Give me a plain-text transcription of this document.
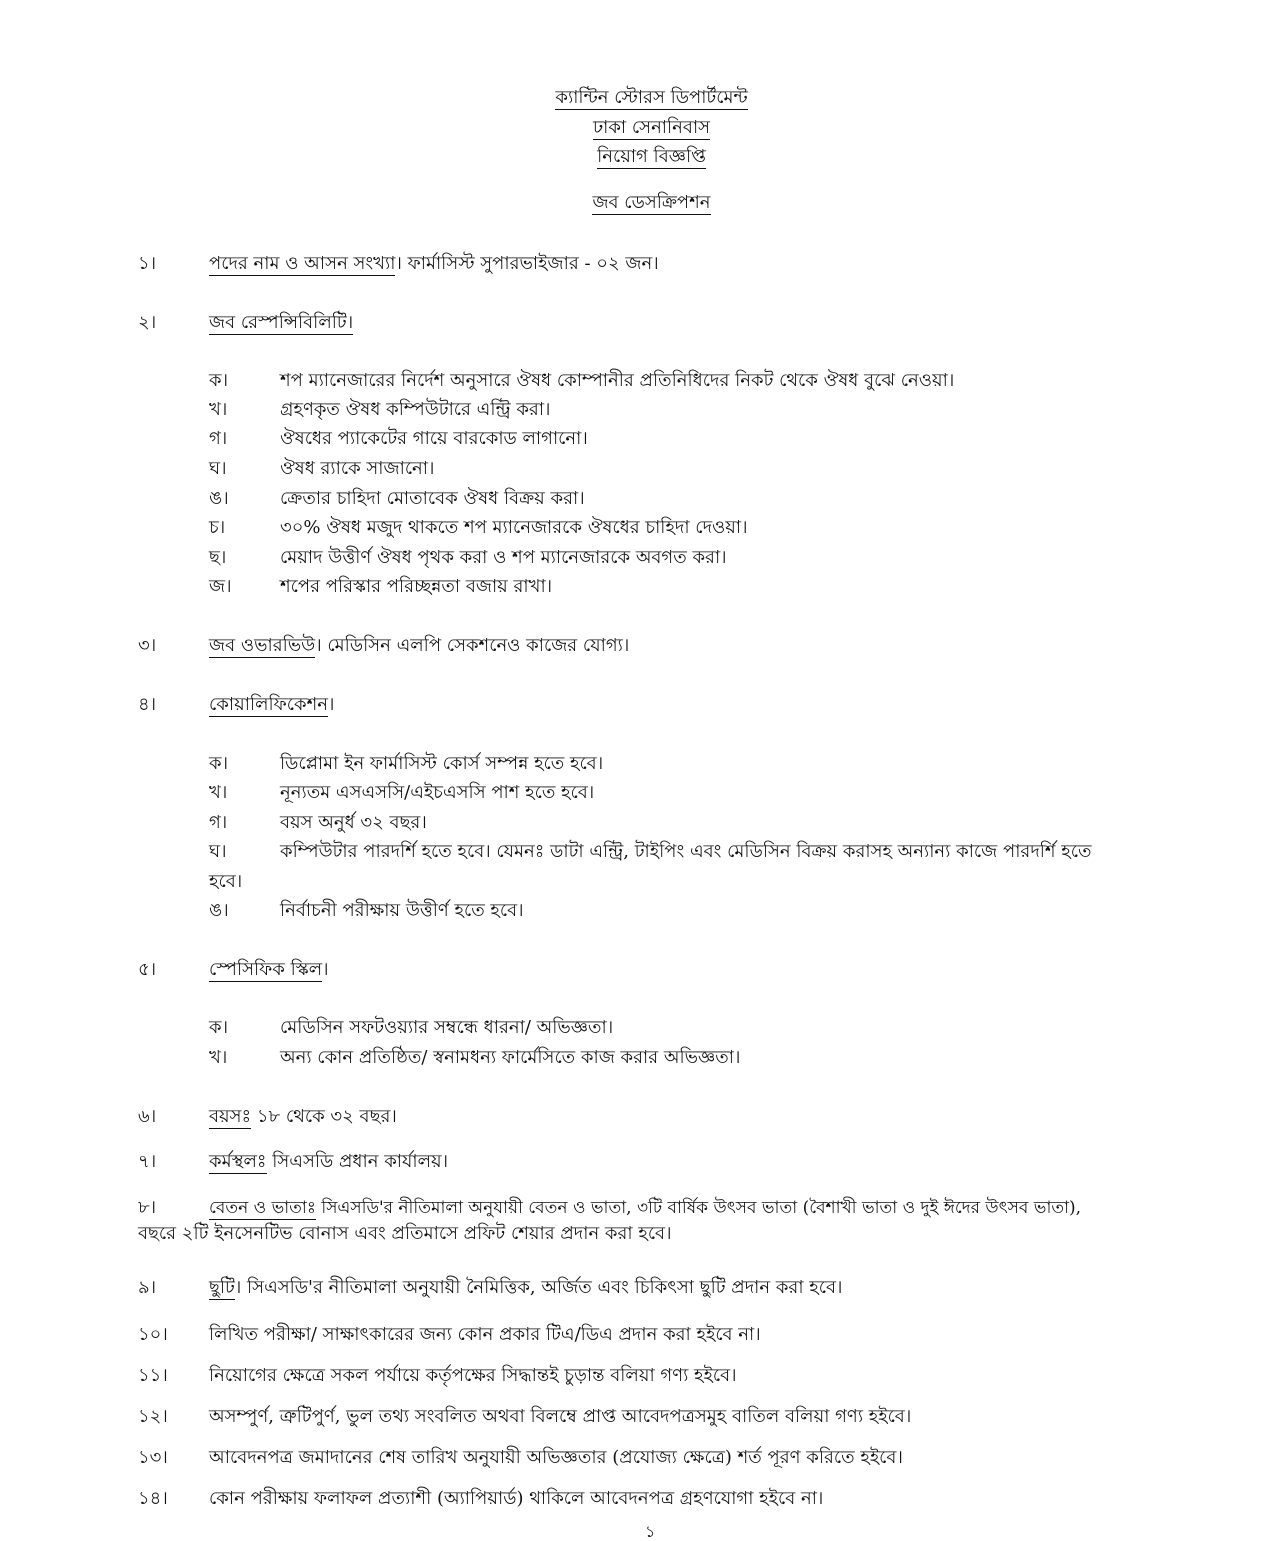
ক্যান্টিন স্টোরস ডিপার্টমেন্ট
ঢাকা সেনানিবাস
নিয়োগ বিজ্ঞপ্তি
জব ডেসক্রিপশন
১।	পদের নাম ও আসন সংখ্যা। ফার্মাসিস্ট সুপারভাইজার - ০২ জন।
২।	জব রেস্পন্সিবিলিটি।
ক।	শপ ম্যানেজারের নির্দেশ অনুসারে ঔষধ কোম্পানীর প্রতিনিধিদের নিকট থেকে ঔষধ বুঝে নেওয়া।
খ।	গ্রহণকৃত ঔষধ কম্পিউটারে এন্ট্রি করা।
গ।	ঔষধের প্যাকেটের গায়ে বারকোড লাগানো।
ঘ।	ঔষধ র‍্যাকে সাজানো।
ঙ।	ক্রেতার চাহিদা মোতাবেক ঔষধ বিক্রয় করা।
চ।	৩০% ঔষধ মজুদ থাকতে শপ ম্যানেজারকে ঔষধের চাহিদা দেওয়া।
ছ।	মেয়াদ উত্তীর্ণ ঔষধ পৃথক করা ও শপ ম্যানেজারকে অবগত করা।
জ।	শপের পরিস্কার পরিচ্ছন্নতা বজায় রাখা।
৩।	জব ওভারভিউ। মেডিসিন এলপি সেকশনেও কাজের যোগ্য।
৪।	কোয়ালিফিকেশন।
ক।	ডিপ্লোমা ইন ফার্মাসিস্ট কোর্স সম্পন্ন হতে হবে।
খ।	নূন্যতম এসএসসি/এইচএসসি পাশ হতে হবে।
গ।	বয়স অনুর্ধ ৩২ বছর।
ঘ।	কম্পিউটার পারদর্শি হতে হবে। যেমনঃ ডাটা এন্ট্রি, টাইপিং এবং মেডিসিন বিক্রয় করাসহ অন্যান্য কাজে পারদর্শি হতে
হবে।
ঙ।	নির্বাচনী পরীক্ষায় উত্তীর্ণ হতে হবে।
৫।	স্পেসিফিক স্কিল।
ক।	মেডিসিন সফটওয়্যার সম্বন্ধে ধারনা/ অভিজ্ঞতা।
খ।	অন্য কোন প্রতিষ্ঠিত/ স্বনামধন্য ফার্মেসিতে কাজ করার অভিজ্ঞতা।
৬।	বয়সঃ ১৮ থেকে ৩২ বছর।
৭।	কর্মস্থলঃ সিএসডি প্রধান কার্যালয়।
৮।	বেতন ও ভাতাঃ সিএসডি'র নীতিমালা অনুযায়ী বেতন ও ভাতা, ৩টি বার্ষিক উৎসব ভাতা (বৈশাখী ভাতা ও দুই ঈদের উৎসব ভাতা),
বছরে ২টি ইনসেনটিভ বোনাস এবং প্রতিমাসে প্রফিট শেয়ার প্রদান করা হবে।
৯।	ছুটি। সিএসডি'র নীতিমালা অনুযায়ী নৈমিত্তিক, অর্জিত এবং চিকিৎসা ছুটি প্রদান করা হবে।
১০। লিখিত পরীক্ষা/ সাক্ষাৎকারের জন্য কোন প্রকার টিএ/ডিএ প্রদান করা হইবে না।
১১। নিয়োগের ক্ষেত্রে সকল পর্যায়ে কর্তৃপক্ষের সিদ্ধান্তই চুড়ান্ত বলিয়া গণ্য হইবে।
১২। অসম্পুর্ণ, ত্রুটিপুর্ণ, ভুল তথ্য সংবলিত অথবা বিলম্বে প্রাপ্ত আবেদপত্রসমুহ বাতিল বলিয়া গণ্য হইবে।
১৩। আবেদনপত্র জমাদানের শেষ তারিখ অনুযায়ী অভিজ্ঞতার (প্রযোজ্য ক্ষেত্রে) শর্ত পূরণ করিতে হইবে।
১৪। কোন পরীক্ষায় ফলাফল প্রত্যাশী (অ্যাপিয়ার্ড) থাকিলে আবেদনপত্র গ্রহণযোগা হইবে না।
১
